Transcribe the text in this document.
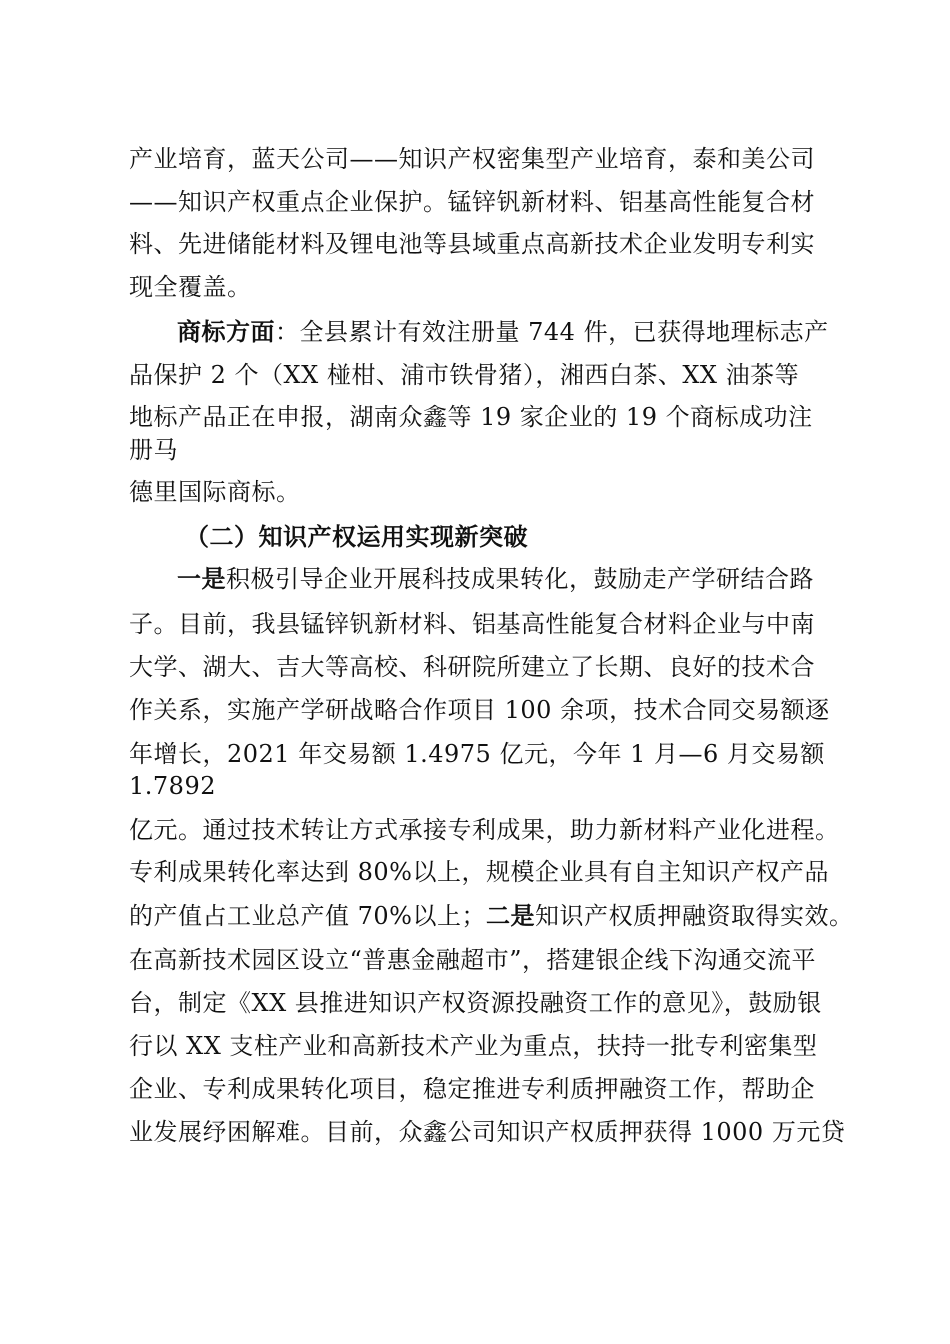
产业培育，蓝天公司——知识产权密集型产业培育，泰和美公司
——知识产权重点企业保护。锰锌钒新材料、铝基高性能复合材
料、先进储能材料及锂电池等县域重点高新技术企业发明专利实
现全覆盖。
商标方面：全县累计有效注册量 744 件，已获得地理标志产
品保护 2 个（XX 椪柑、浦市铁骨猪），湘西白茶、XX 油茶等
地标产品正在申报，湖南众鑫等 19 家企业的 19 个商标成功注
册马
德里国际商标。
（二）知识产权运用实现新突破
一是积极引导企业开展科技成果转化，鼓励走产学研结合路
子。目前，我县锰锌钒新材料、铝基高性能复合材料企业与中南
大学、湖大、吉大等高校、科研院所建立了长期、良好的技术合
作关系，实施产学研战略合作项目 100 余项，技术合同交易额逐
年增长，2021 年交易额 1.4975 亿元，今年 1 月—6 月交易额
1.7892
亿元。通过技术转让方式承接专利成果，助力新材料产业化进程。
专利成果转化率达到 80%以上，规模企业具有自主知识产权产品
的产值占工业总产值 70%以上；二是知识产权质押融资取得实效。
在高新技术园区设立“普惠金融超市”，搭建银企线下沟通交流平
台，制定《XX 县推进知识产权资源投融资工作的意见》，鼓励银
行以 XX 支柱产业和高新技术产业为重点，扶持一批专利密集型
企业、专利成果转化项目，稳定推进专利质押融资工作，帮助企
业发展纾困解难。目前，众鑫公司知识产权质押获得 1000 万元贷
